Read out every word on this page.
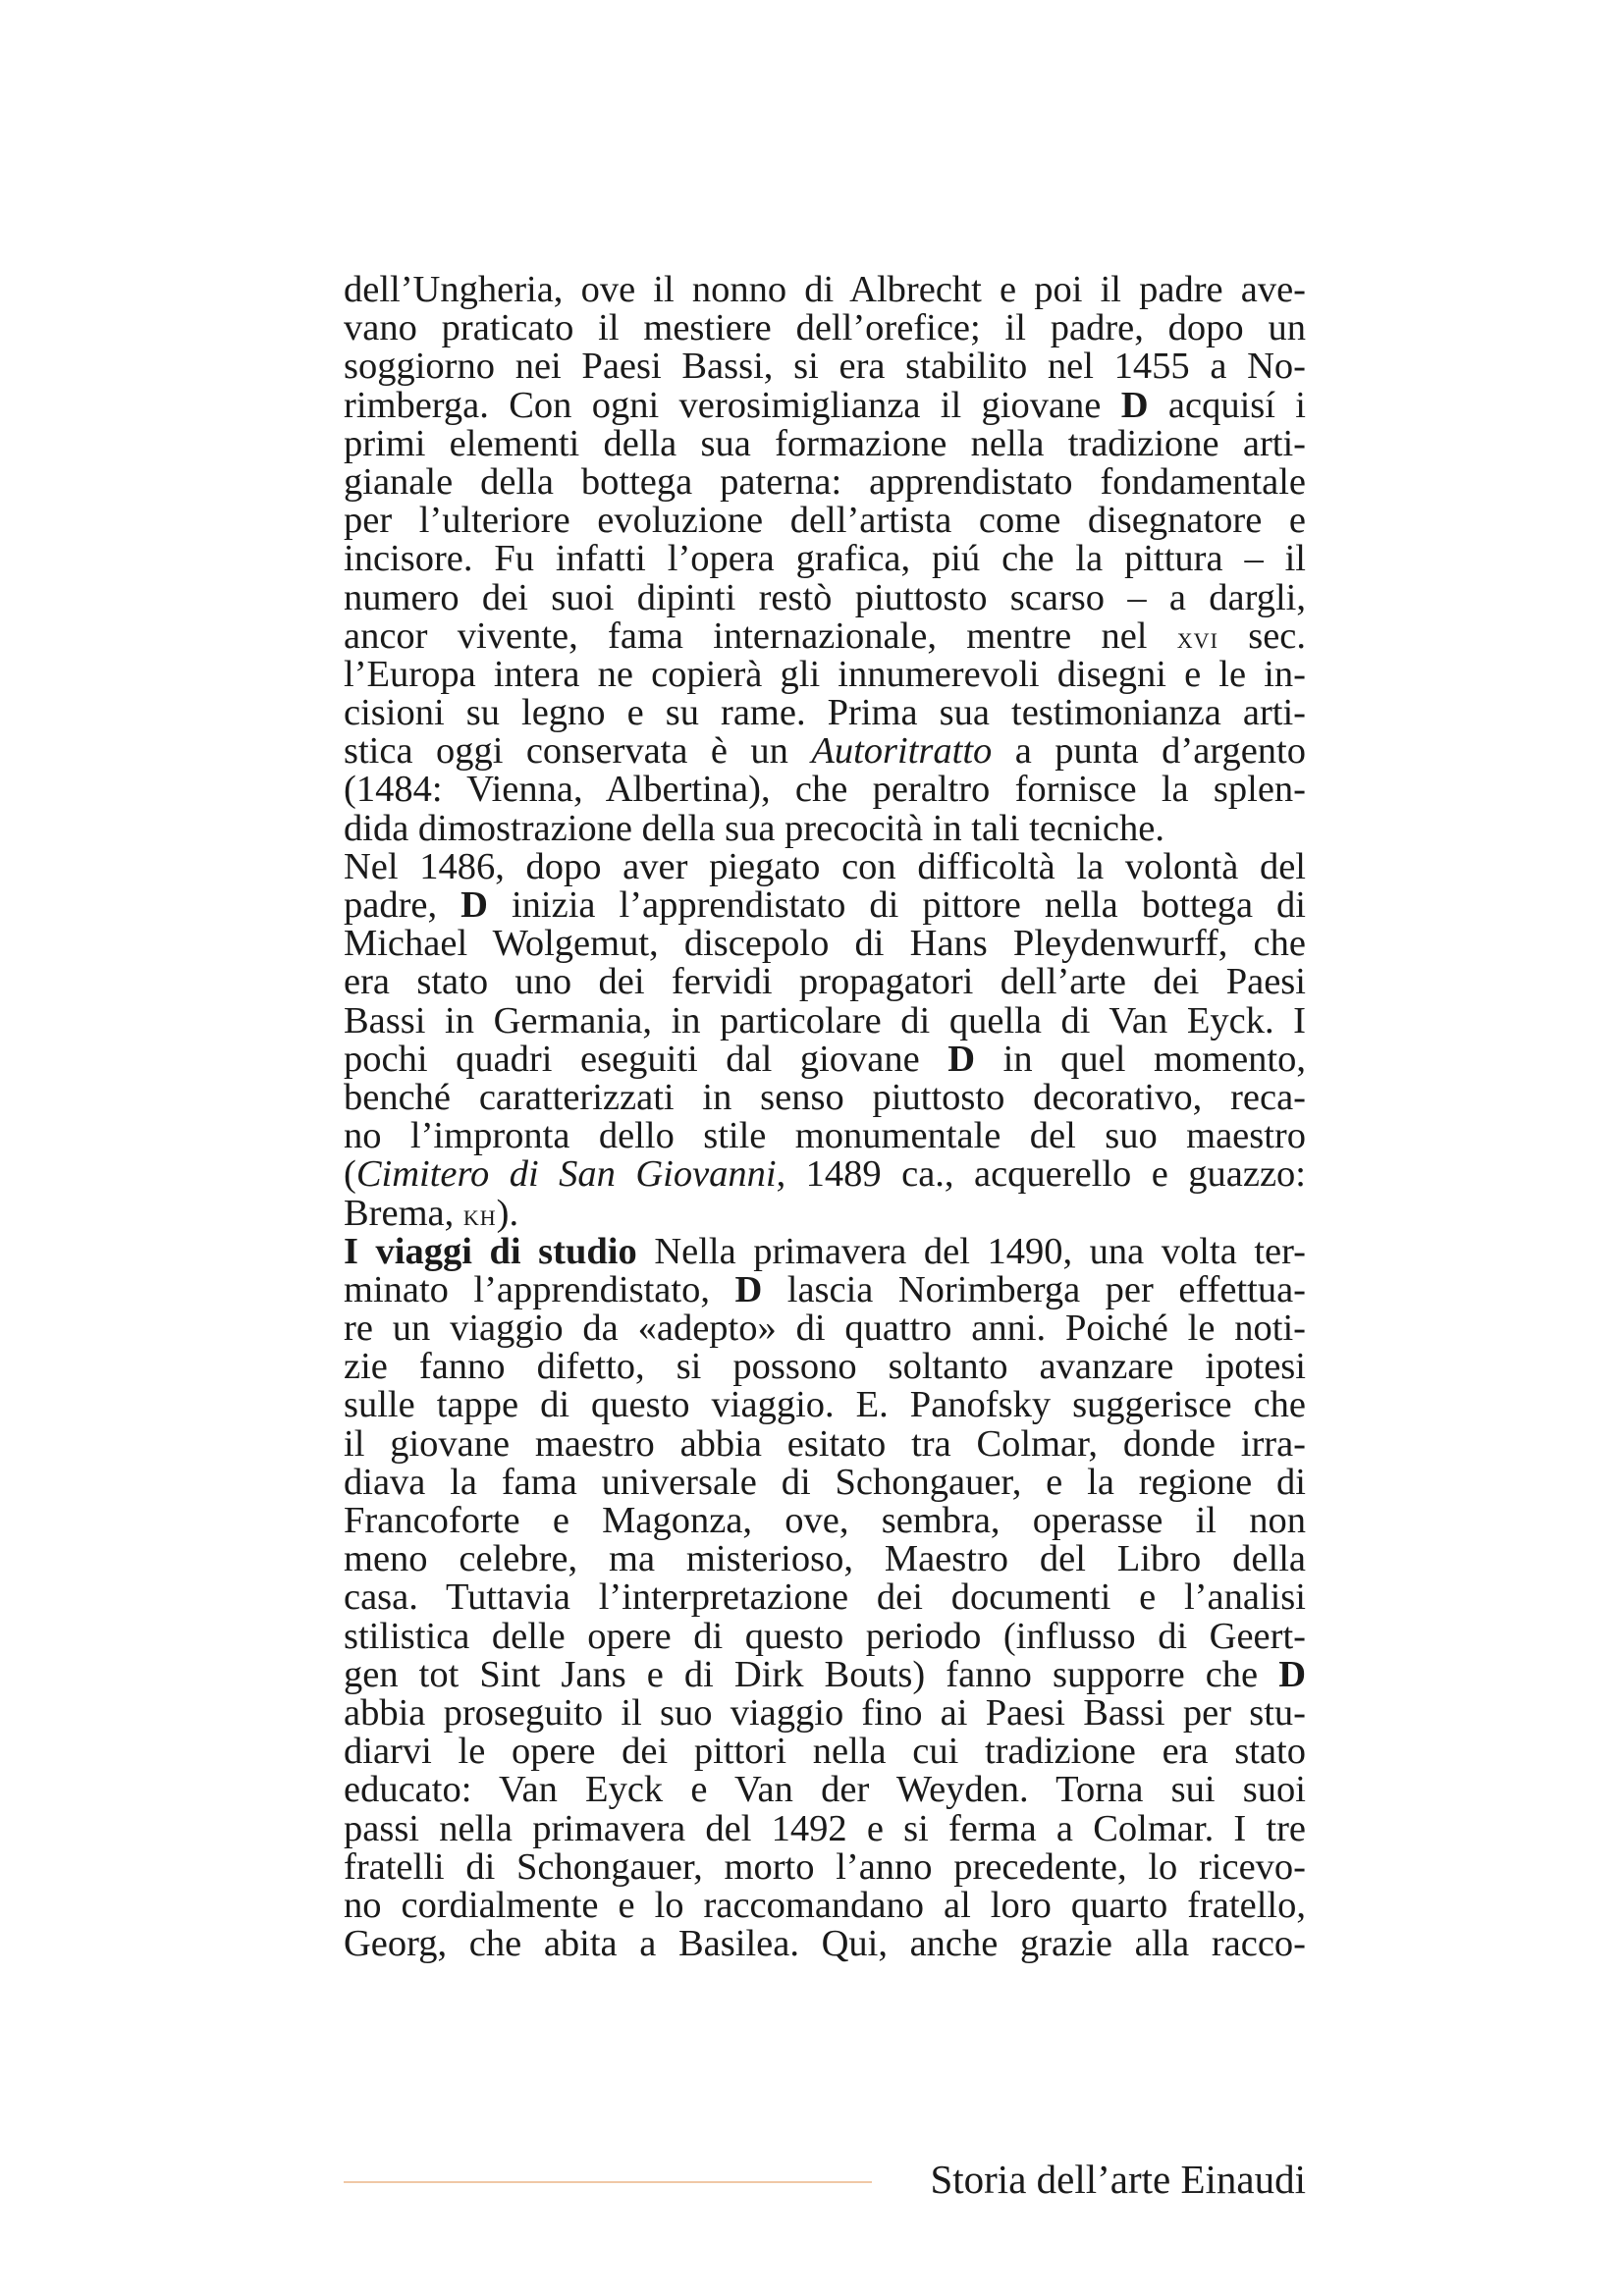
dell’Ungheria, ove il nonno di Albrecht e poi il padre ave-
vano praticato il mestiere dell’orefice; il padre, dopo un
soggiorno nei Paesi Bassi, si era stabilito nel 1455 a No-
rimberga. Con ogni verosimiglianza il giovane D acquisí i
primi elementi della sua formazione nella tradizione arti-
gianale della bottega paterna: apprendistato fondamentale
per l’ulteriore evoluzione dell’artista come disegnatore e
incisore. Fu infatti l’opera grafica, piú che la pittura – il
numero dei suoi dipinti restò piuttosto scarso – a dargli,
ancor vivente, fama internazionale, mentre nel xvi sec.
l’Europa intera ne copierà gli innumerevoli disegni e le in-
cisioni su legno e su rame. Prima sua testimonianza arti-
stica oggi conservata è un Autoritratto a punta d’argento
(1484: Vienna, Albertina), che peraltro fornisce la splen-
dida dimostrazione della sua precocità in tali tecniche.
Nel 1486, dopo aver piegato con difficoltà la volontà del
padre, D inizia l’apprendistato di pittore nella bottega di
Michael Wolgemut, discepolo di Hans Pleydenwurff, che
era stato uno dei fervidi propagatori dell’arte dei Paesi
Bassi in Germania, in particolare di quella di Van Eyck. I
pochi quadri eseguiti dal giovane D in quel momento,
benché caratterizzati in senso piuttosto decorativo, reca-
no l’impronta dello stile monumentale del suo maestro
(Cimitero di San Giovanni, 1489 ca., acquerello e guazzo:
Brema, kh).
I viaggi di studio Nella primavera del 1490, una volta ter-
minato l’apprendistato, D lascia Norimberga per effettua-
re un viaggio da «adepto» di quattro anni. Poiché le noti-
zie fanno difetto, si possono soltanto avanzare ipotesi
sulle tappe di questo viaggio. E. Panofsky suggerisce che
il giovane maestro abbia esitato tra Colmar, donde irra-
diava la fama universale di Schongauer, e la regione di
Francoforte e Magonza, ove, sembra, operasse il non
meno celebre, ma misterioso, Maestro del Libro della
casa. Tuttavia l’interpretazione dei documenti e l’analisi
stilistica delle opere di questo periodo (influsso di Geert-
gen tot Sint Jans e di Dirk Bouts) fanno supporre che D
abbia proseguito il suo viaggio fino ai Paesi Bassi per stu-
diarvi le opere dei pittori nella cui tradizione era stato
educato: Van Eyck e Van der Weyden. Torna sui suoi
passi nella primavera del 1492 e si ferma a Colmar. I tre
fratelli di Schongauer, morto l’anno precedente, lo ricevo-
no cordialmente e lo raccomandano al loro quarto fratello,
Georg, che abita a Basilea. Qui, anche grazie alla racco-
Storia dell’arte Einaudi
